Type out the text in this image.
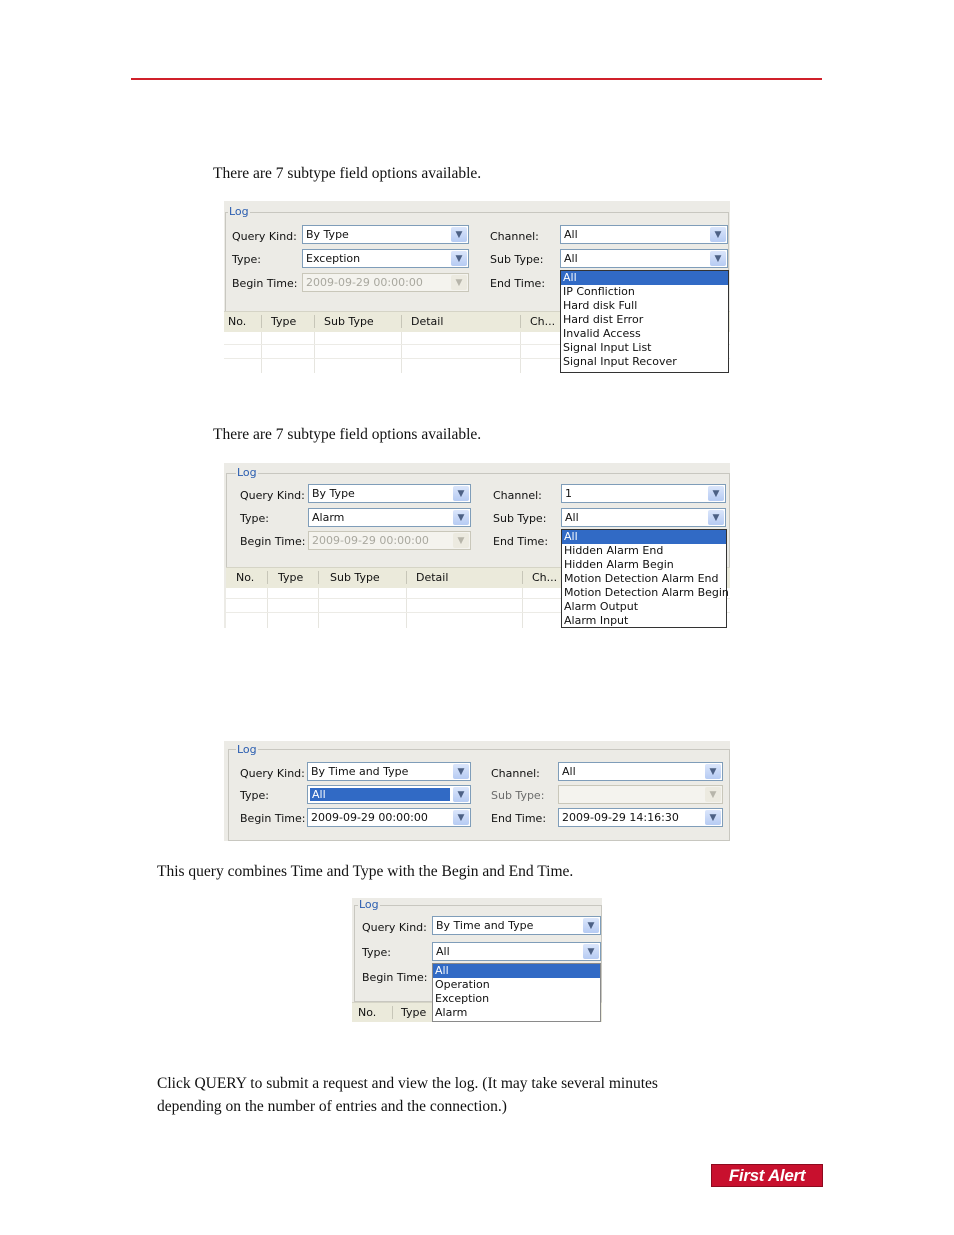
There are 7 subtype field options available.
Log
Query Kind: By Type	▼
Type:	Exception	▼
Begin Time: 2009-09-29 00:00:00	▼
Channel: All	▼
Sub Type: All	▼
End Time:
No. Type	Sub Type	Detail	Ch...
All
IP Confliction
Hard disk Full
Hard dist Error
Invalid Access
Signal Input List
Signal Input Recover
There are 7 subtype field options available.
Log
Query Kind: By Type	▼
Type:	Alarm	▼
Begin Time: 2009-09-29 00:00:00	▼
Channel: 1	▼
Sub Type: All	▼
End Time:
No. Type Sub Type	Detail	Ch...
All
Hidden Alarm End
Hidden Alarm Begin
Motion Detection Alarm End
Motion Detection Alarm Begin
Alarm Output
Alarm Input
Log
Query Kind: By Time and Type	▼
Type:	All	▼
Begin Time: 2009-09-29 00:00:00	▼
Channel: All	▼
Sub Type:	▼
End Time: 2009-09-29 14:16:30	▼
This query combines Time and Type with the Begin and End Time.
Log
Query Kind: By Time and Type	▼
Type:	All	▼
Begin Time:
No. Type
All
Operation
Exception
Alarm
Click QUERY to submit a request and view the log. (It may take several minutes
depending on the number of entries and the connection.)
First Alert
